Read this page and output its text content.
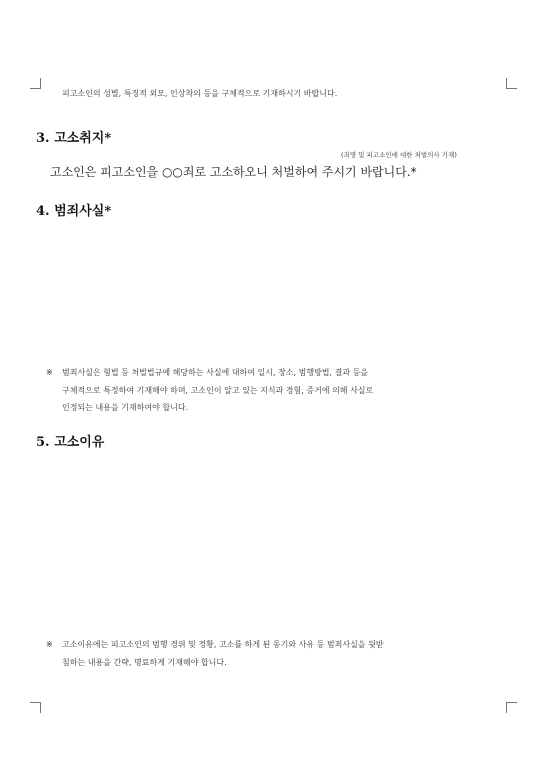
피고소인의 성별, 특징적 외모, 인상착의 등을 구체적으로 기재하시기 바랍니다.
3. 고소취지*
(죄명 및 피고소인에 대한 처벌의사 기재)
고소인은 피고소인을 ○○죄로 고소하오니 처벌하여 주시기 바랍니다.*
4. 범죄사실*
※ 범죄사실은 형법 등 처벌법규에 해당하는 사실에 대하여 일시, 장소, 범행방법, 결과 등을
구체적으로 특정하여 기재해야 하며, 고소인이 알고 있는 지식과 경험, 증거에 의해 사실로
인정되는 내용을 기재하여야 합니다.
5. 고소이유
※ 고소이유에는 피고소인의 범행 경위 및 정황, 고소를 하게 된 동기와 사유 등 범죄사실을 뒷받
침하는 내용을 간략, 명료하게 기재해야 합니다.
